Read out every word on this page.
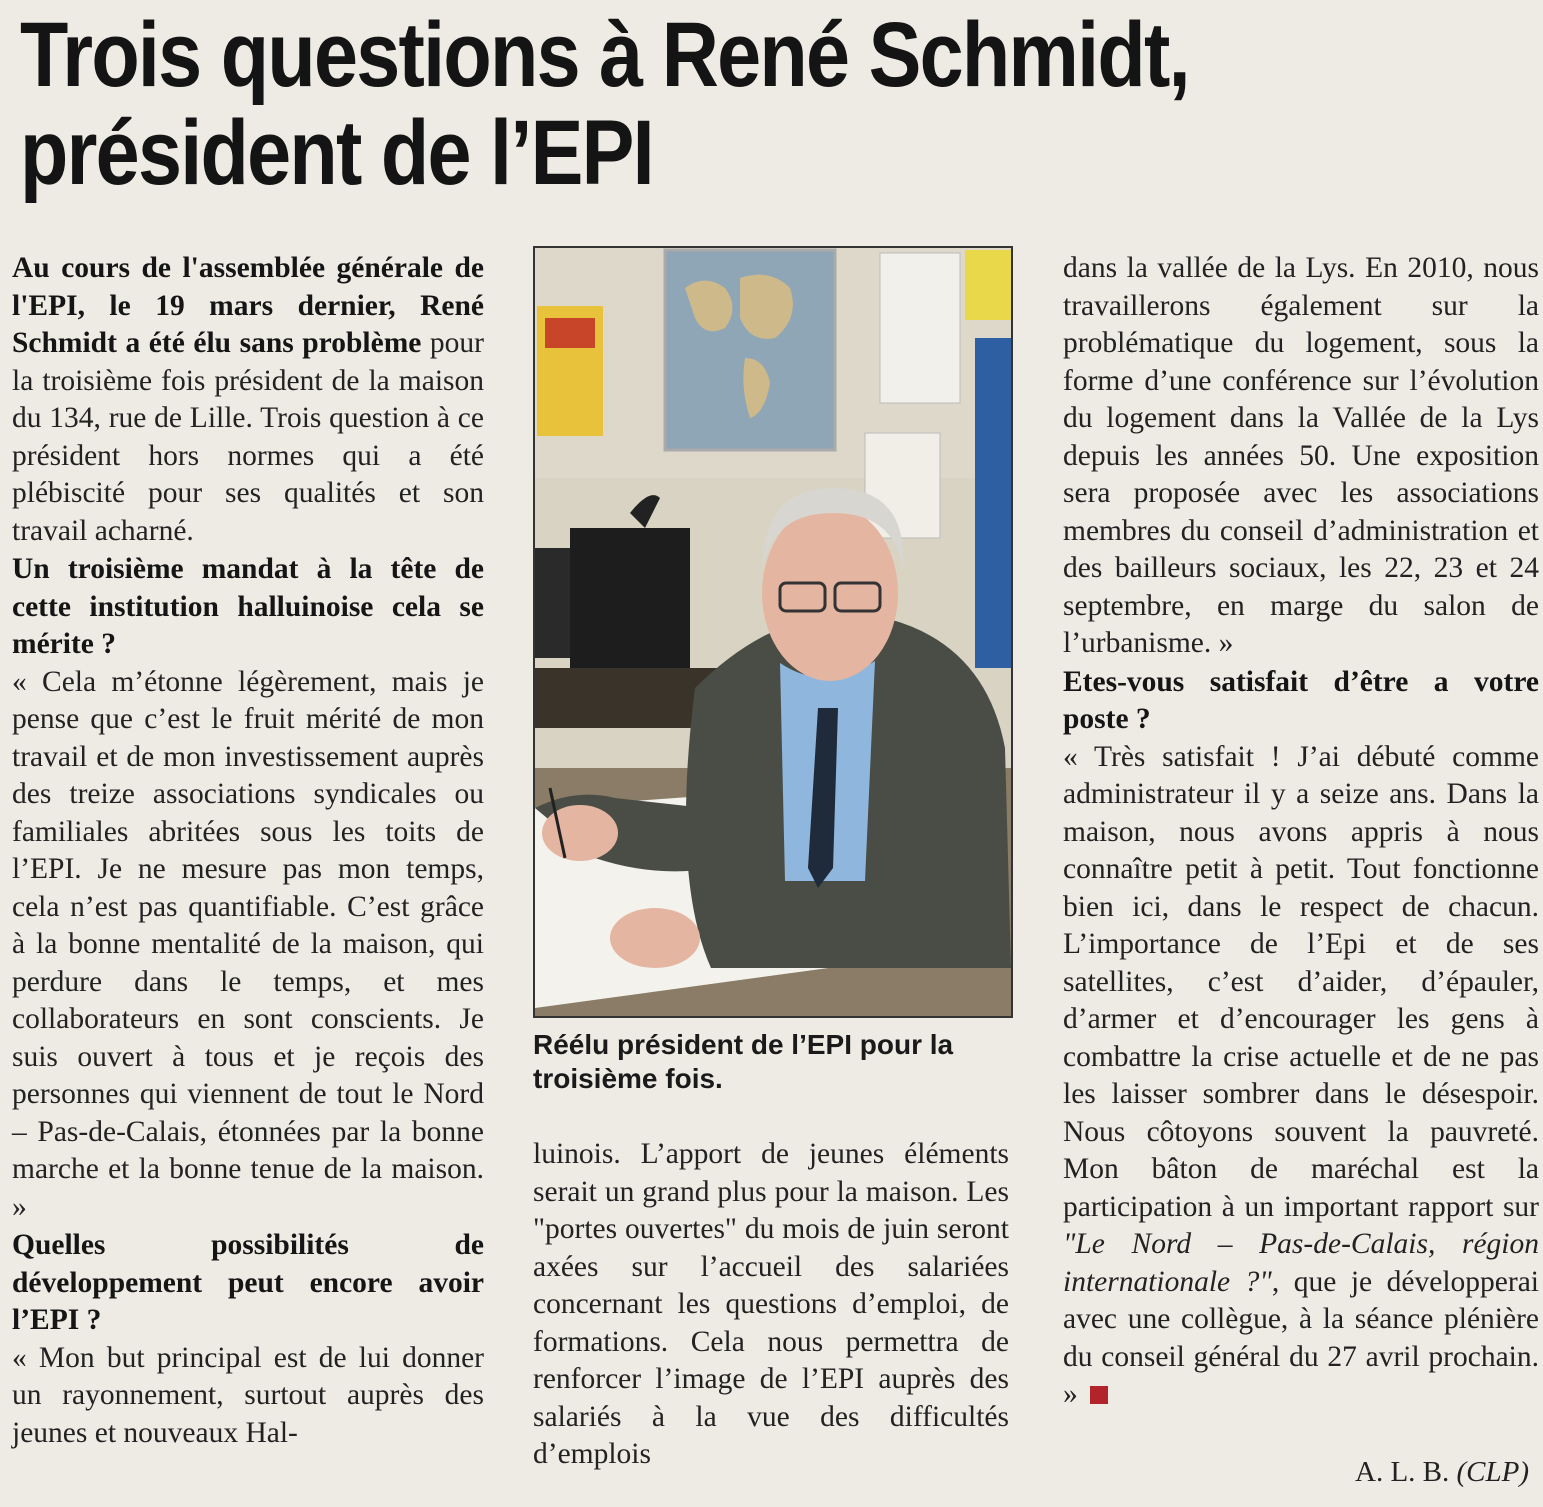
Trois questions à René Schmidt,
président de l’EPI

Au cours de l'assemblée générale de l'EPI, le 19 mars dernier, René Schmidt a été élu sans problème pour la troisième fois président de la maison du 134, rue de Lille. Trois question à ce président hors normes qui a été plébiscité pour ses qualités et son travail acharné.

Un troisième mandat à la tête de cette institution halluinoise cela se mérite ?

« Cela m’étonne légèrement, mais je pense que c’est le fruit mérité de mon travail et de mon investissement auprès des treize associations syndicales ou familiales abritées sous les toits de l’EPI. Je ne mesure pas mon temps, cela n’est pas quantifiable. C’est grâce à la bonne mentalité de la maison, qui perdure dans le temps, et mes collaborateurs en sont conscients. Je suis ouvert à tous et je reçois des personnes qui viennent de tout le Nord – Pas-de-Calais, étonnées par la bonne marche et la bonne tenue de la maison. »

Quelles possibilités de développement peut encore avoir l’EPI ?

« Mon but principal est de lui donner un rayonnement, surtout auprès des jeunes et nouveaux Hal-

Réélu président de l’EPI pour la troisième fois.

luinois. L’apport de jeunes éléments serait un grand plus pour la maison. Les "portes ouvertes" du mois de juin seront axées sur l’accueil des salariées concernant les questions d’emploi, de formations. Cela nous permettra de renforcer l’image de l’EPI auprès des salariés à la vue des difficultés d’emplois

dans la vallée de la Lys. En 2010, nous travaillerons également sur la problématique du logement, sous la forme d’une conférence sur l’évolution du logement dans la Vallée de la Lys depuis les années 50. Une exposition sera proposée avec les associations membres du conseil d’administration et des bailleurs sociaux, les 22, 23 et 24 septembre, en marge du salon de l’urbanisme. »

Etes-vous satisfait d’être a votre poste ?

« Très satisfait ! J’ai débuté comme administrateur il y a seize ans. Dans la maison, nous avons appris à nous connaître petit à petit. Tout fonctionne bien ici, dans le respect de chacun. L’importance de l’Epi et de ses satellites, c’est d’aider, d’épauler, d’armer et d’encourager les gens à combattre la crise actuelle et de ne pas les laisser sombrer dans le désespoir. Nous côtoyons souvent la pauvreté. Mon bâton de maréchal est la participation à un important rapport sur "Le Nord – Pas-de-Calais, région internationale ?", que je développerai avec une collègue, à la séance plénière du conseil général du 27 avril prochain. »

A. L. B. (CLP)
